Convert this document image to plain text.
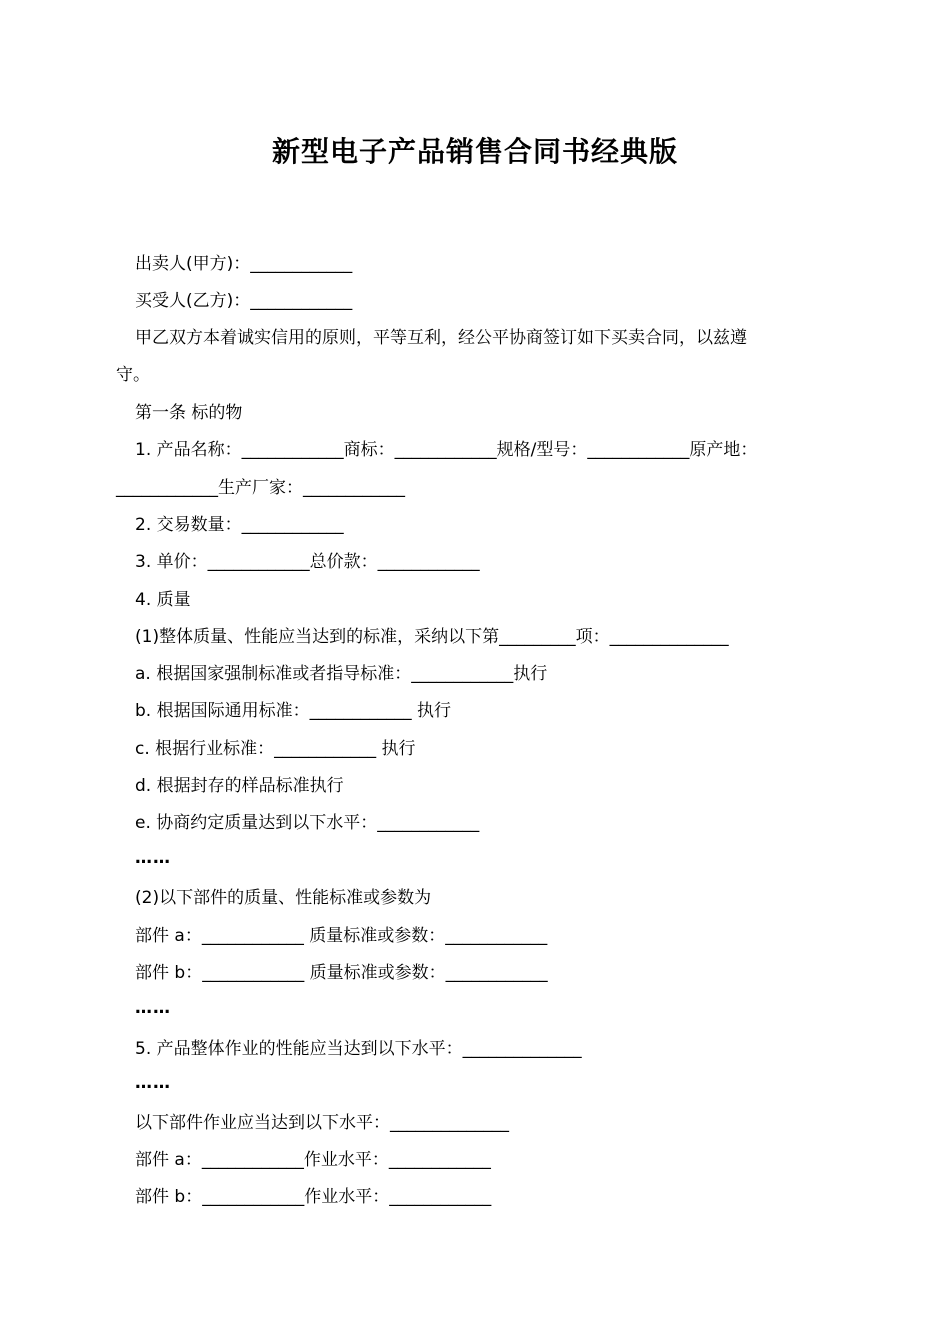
新型电子产品销售合同书经典版
出卖人(甲方)：____________
买受人(乙方)：____________
甲乙双方本着诚实信用的原则，平等互利，经公平协商签订如下买卖合同，以兹遵
守。
第一条 标的物
1. 产品名称：____________商标：____________规格/型号：____________原产地：
____________生产厂家：____________
2. 交易数量：____________
3. 单价：____________总价款：____________
4. 质量
(1)整体质量、性能应当达到的标准，采纳以下第_________项：______________
a. 根据国家强制标准或者指导标准：____________执行
b. 根据国际通用标准：____________ 执行
c. 根据行业标准：____________ 执行
d. 根据封存的样品标准执行
e. 协商约定质量达到以下水平：____________
……
(2)以下部件的质量、性能标准或参数为
部件 a：____________ 质量标准或参数：____________
部件 b：____________ 质量标准或参数：____________
……
5. 产品整体作业的性能应当达到以下水平：______________
……
以下部件作业应当达到以下水平：______________
部件 a：____________作业水平：____________
部件 b：____________作业水平：____________
